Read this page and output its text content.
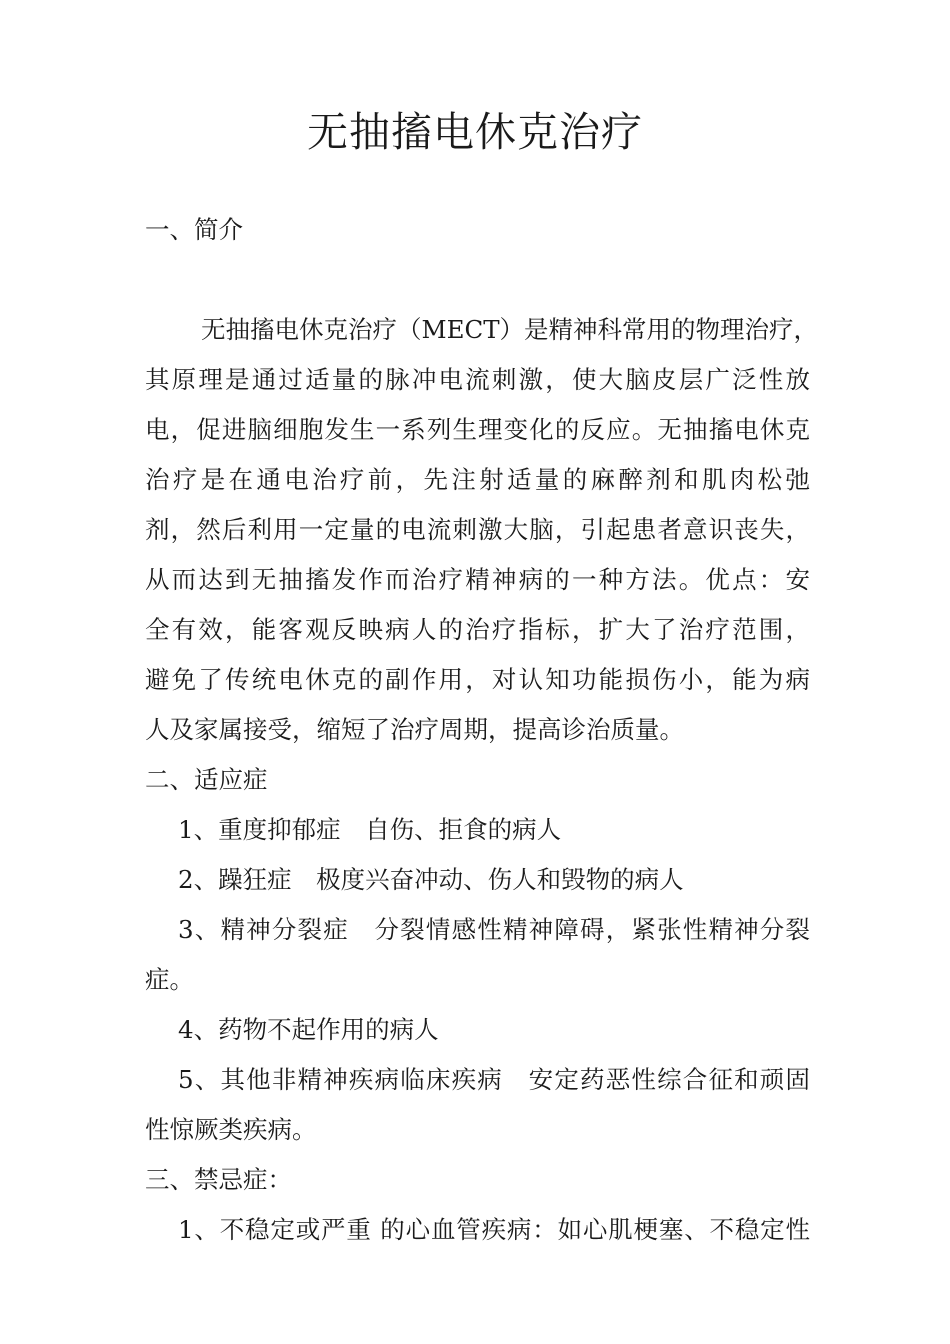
无抽搐电休克治疗
一、简介
无抽搐电休克治疗（MECT）是精神科常用的物理治疗，
其原理是通过适量的脉冲电流刺激，使大脑皮层广泛性放
电，促进脑细胞发生一系列生理变化的反应。无抽搐电休克
治疗是在通电治疗前，先注射适量的麻醉剂和肌肉松弛
剂，然后利用一定量的电流刺激大脑，引起患者意识丧失，
从而达到无抽搐发作而治疗精神病的一种方法。优点：安
全有效，能客观反映病人的治疗指标，扩大了治疗范围，
避免了传统电休克的副作用，对认知功能损伤小，能为病
人及家属接受，缩短了治疗周期，提高诊治质量。
二、适应症
1、重度抑郁症　自伤、拒食的病人
2、躁狂症　极度兴奋冲动、伤人和毁物的病人
3、精神分裂症　分裂情感性精神障碍，紧张性精神分裂
症。
4、药物不起作用的病人
5、其他非精神疾病临床疾病　安定药恶性综合征和顽固
性惊厥类疾病。
三、禁忌症：
1、不稳定或严重 的心血管疾病：如心肌梗塞、不稳定性
